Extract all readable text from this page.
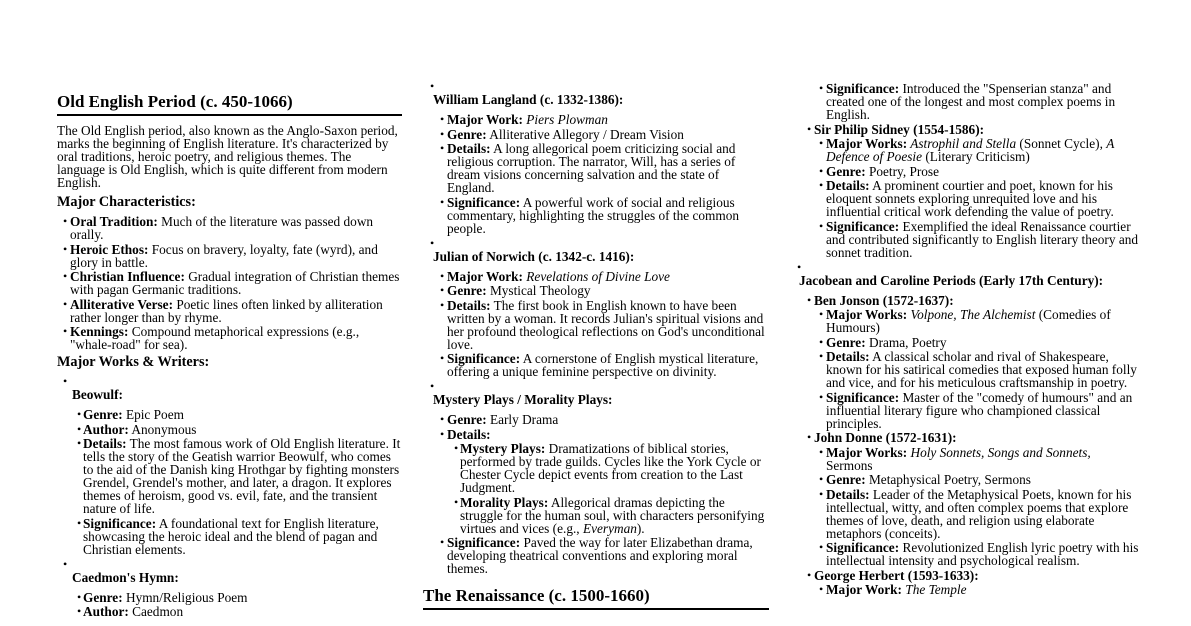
Old English Period (c. 450-1066)
The Old English period, also known as the Anglo-Saxon period, marks the beginning of English literature. It's characterized by oral traditions, heroic poetry, and religious themes. The language is Old English, which is quite different from modern English.
Major Characteristics:
• Oral Tradition: Much of the literature was passed down orally.
• Heroic Ethos: Focus on bravery, loyalty, fate (wyrd), and glory in battle.
• Christian Influence: Gradual integration of Christian themes with pagan Germanic traditions.
• Alliterative Verse: Poetic lines often linked by alliteration rather longer than by rhyme.
• Kennings: Compound metaphorical expressions (e.g., "whale-road" for sea).
Major Works & Writers:
•
Beowulf:
• Genre: Epic Poem
• Author: Anonymous
• Details: The most famous work of Old English literature. It tells the story of the Geatish warrior Beowulf, who comes to the aid of the Danish king Hrothgar by fighting monsters Grendel, Grendel's mother, and later, a dragon. It explores themes of heroism, good vs. evil, fate, and the transient nature of life.
• Significance: A foundational text for English literature, showcasing the heroic ideal and the blend of pagan and Christian elements.
•
Caedmon's Hymn:
• Genre: Hymn/Religious Poem
• Author: Caedmon
•
William Langland (c. 1332-1386):
• Major Work: Piers Plowman
• Genre: Alliterative Allegory / Dream Vision
• Details: A long allegorical poem criticizing social and religious corruption. The narrator, Will, has a series of dream visions concerning salvation and the state of England.
• Significance: A powerful work of social and religious commentary, highlighting the struggles of the common people.
•
Julian of Norwich (c. 1342-c. 1416):
• Major Work: Revelations of Divine Love
• Genre: Mystical Theology
• Details: The first book in English known to have been written by a woman. It records Julian's spiritual visions and her profound theological reflections on God's unconditional love.
• Significance: A cornerstone of English mystical literature, offering a unique feminine perspective on divinity.
•
Mystery Plays / Morality Plays:
• Genre: Early Drama
• Details:
• Mystery Plays: Dramatizations of biblical stories, performed by trade guilds. Cycles like the York Cycle or Chester Cycle depict events from creation to the Last Judgment.
• Morality Plays: Allegorical dramas depicting the struggle for the human soul, with characters personifying virtues and vices (e.g., Everyman).
• Significance: Paved the way for later Elizabethan drama, developing theatrical conventions and exploring moral themes.
The Renaissance (c. 1500-1660)
• Significance: Introduced the "Spenserian stanza" and created one of the longest and most complex poems in English.
• Sir Philip Sidney (1554-1586):
• Major Works: Astrophil and Stella (Sonnet Cycle), A Defence of Poesie (Literary Criticism)
• Genre: Poetry, Prose
• Details: A prominent courtier and poet, known for his eloquent sonnets exploring unrequited love and his influential critical work defending the value of poetry.
• Significance: Exemplified the ideal Renaissance courtier and contributed significantly to English literary theory and sonnet tradition.
•
Jacobean and Caroline Periods (Early 17th Century):
• Ben Jonson (1572-1637):
• Major Works: Volpone, The Alchemist (Comedies of Humours)
• Genre: Drama, Poetry
• Details: A classical scholar and rival of Shakespeare, known for his satirical comedies that exposed human folly and vice, and for his meticulous craftsmanship in poetry.
• Significance: Master of the "comedy of humours" and an influential literary figure who championed classical principles.
• John Donne (1572-1631):
• Major Works: Holy Sonnets, Songs and Sonnets, Sermons
• Genre: Metaphysical Poetry, Sermons
• Details: Leader of the Metaphysical Poets, known for his intellectual, witty, and often complex poems that explore themes of love, death, and religion using elaborate metaphors (conceits).
• Significance: Revolutionized English lyric poetry with his intellectual intensity and psychological realism.
• George Herbert (1593-1633):
• Major Work: The Temple
